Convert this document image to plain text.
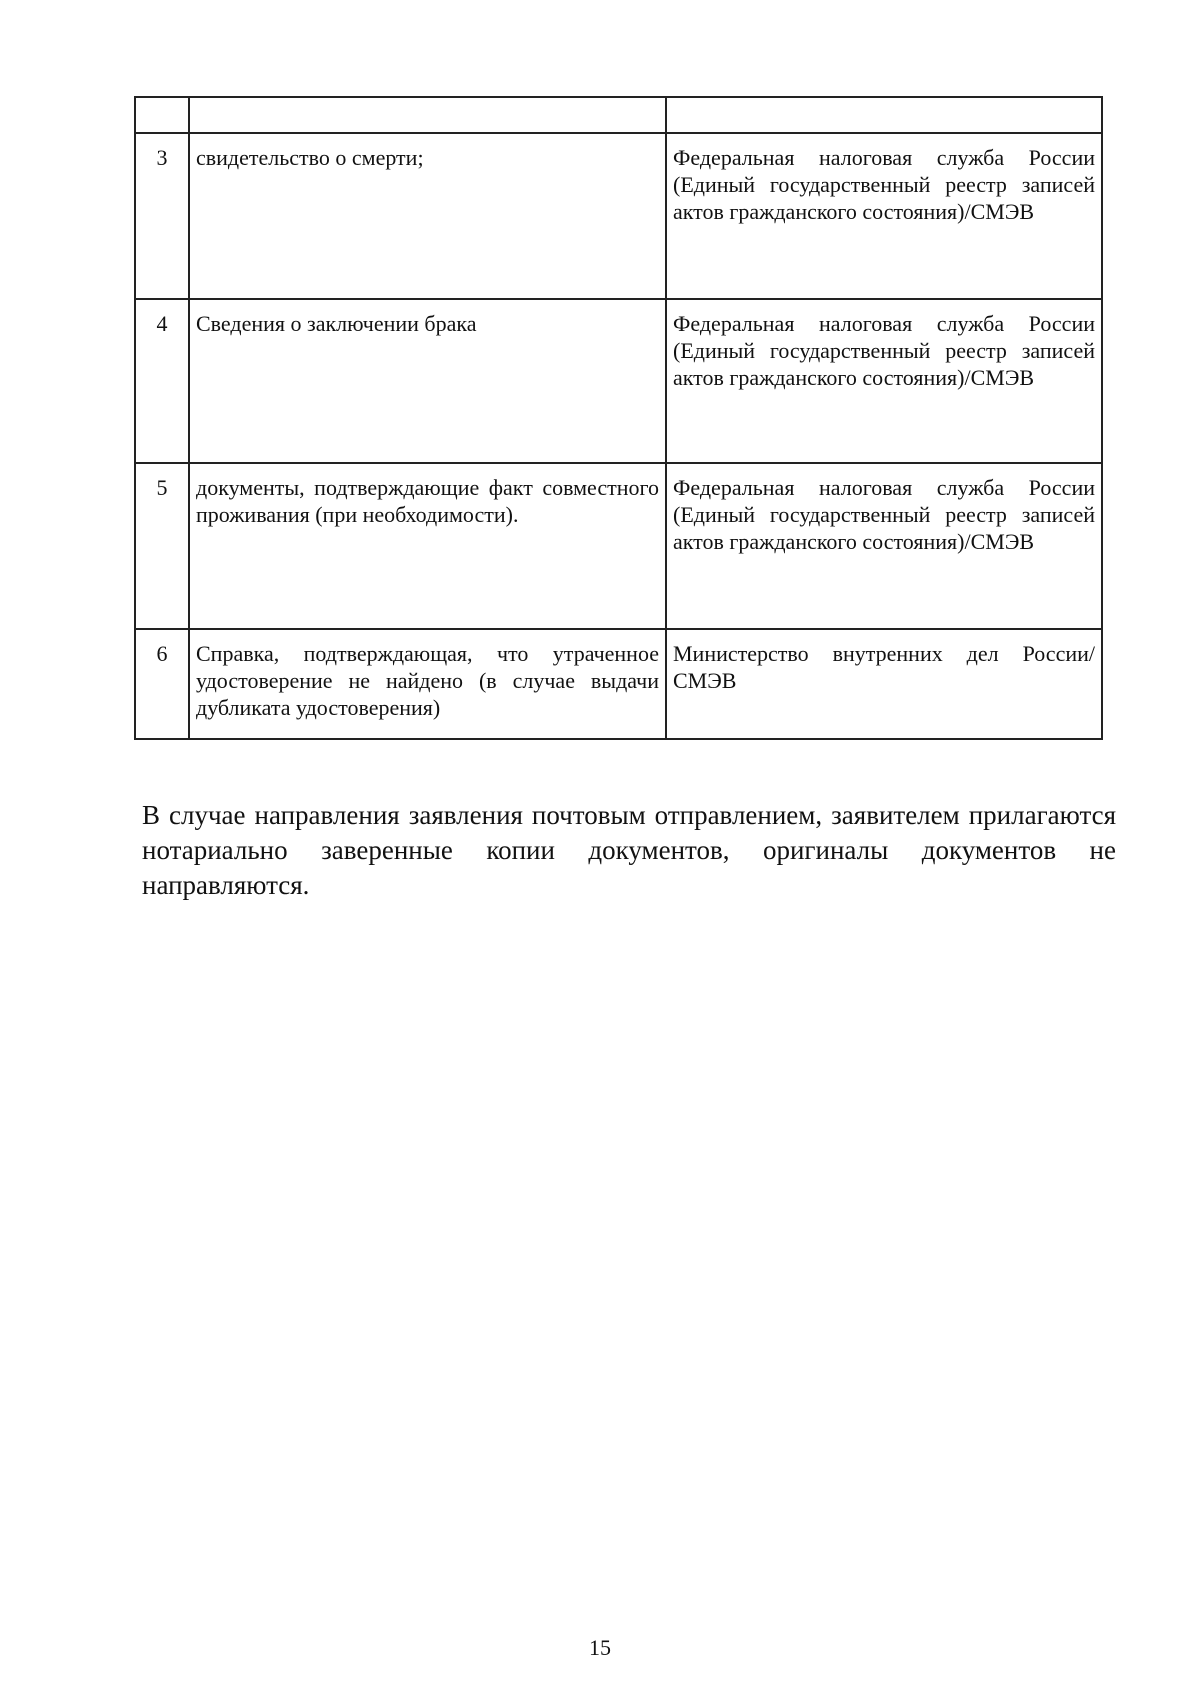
3	свидетельство о смерти;	Федеральная налоговая служба России (Единый государственный реестр записей актов гражданского состояния)/СМЭВ
4	Сведения о заключении брака	Федеральная налоговая служба России (Единый государственный реестр записей актов гражданского состояния)/СМЭВ
5	документы, подтверждающие факт совместного проживания (при необходимости).	Федеральная налоговая служба России (Единый государственный реестр записей актов гражданского состояния)/СМЭВ
6	Справка, подтверждающая, что утраченное удостоверение не найдено (в случае выдачи дубликата удостоверения)	Министерство внутренних дел России/СМЭВ

В случае направления заявления почтовым отправлением, заявителем прилагаются нотариально заверенные копии документов, оригиналы документов не направляются.

15
